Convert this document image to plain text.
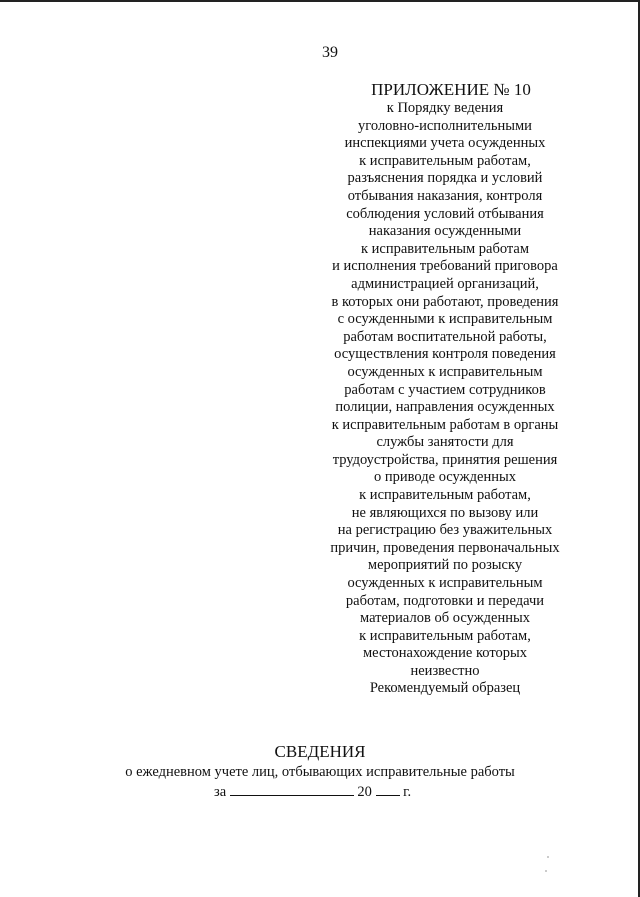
39

ПРИЛОЖЕНИЕ № 10

к Порядку ведения

уголовно-исполнительными

инспекциями учета осужденных

к исправительным работам,

разъяснения порядка и условий

отбывания наказания, контроля

соблюдения условий отбывания

наказания осужденными

к исправительным работам

и исполнения требований приговора

администрацией организаций,

в которых они работают, проведения

с осужденными к исправительным

работам воспитательной работы,

осуществления контроля поведения

осужденных к исправительным

работам с участием сотрудников

полиции, направления осужденных

к исправительным работам в органы

службы занятости для

трудоустройства, принятия решения

о приводе осужденных

к исправительным работам,

не являющихся по вызову или

на регистрацию без уважительных

причин, проведения первоначальных

мероприятий по розыску

осужденных к исправительным

работам, подготовки и передачи

материалов об осужденных

к исправительным работам,

местонахождение которых

неизвестно

Рекомендуемый образец
СВЕДЕНИЯ
о ежедневном учете лиц, отбывающих исправительные работы
за	20 г.
